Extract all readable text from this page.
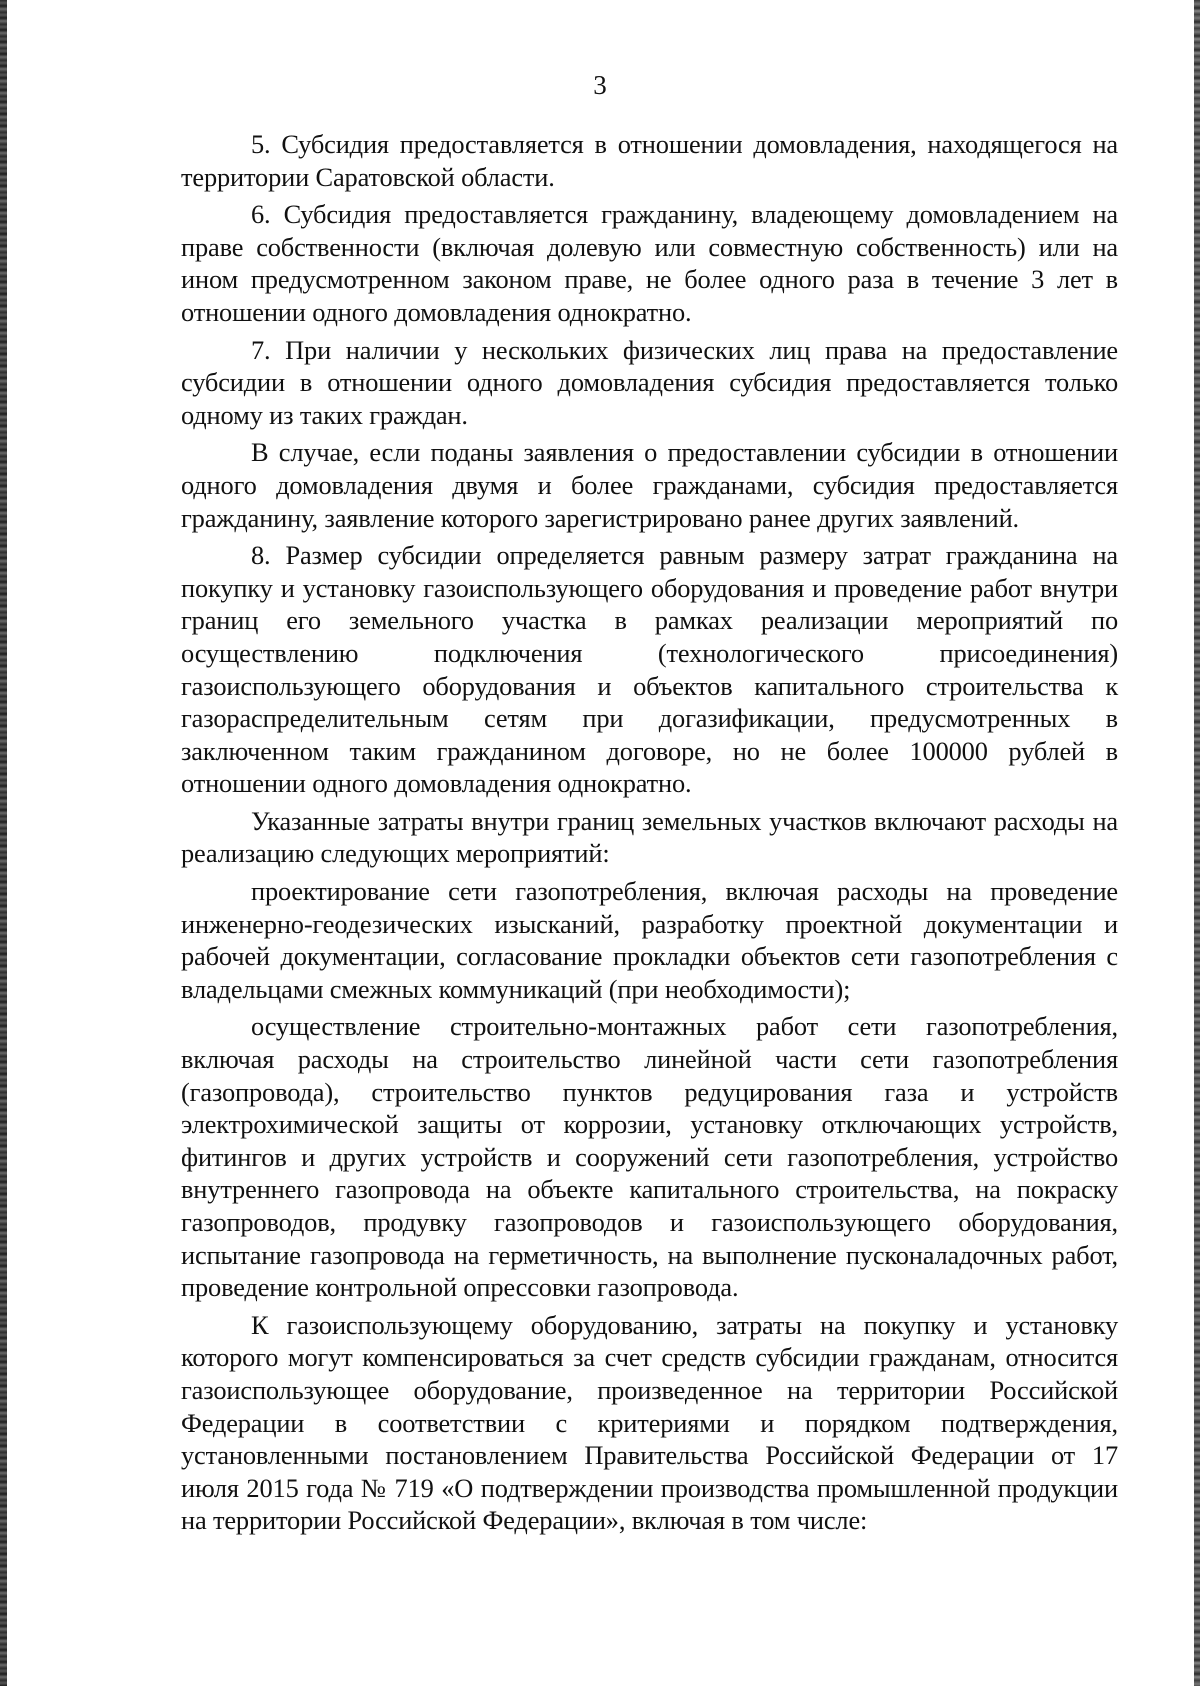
3

5. Субсидия предоставляется в отношении домовладения, находящегося на территории Саратовской области.

6. Субсидия предоставляется гражданину, владеющему домовладением на праве собственности (включая долевую или совместную собственность) или на ином предусмотренном законом праве, не более одного раза в течение 3 лет в отношении одного домовладения однократно.

7. При наличии у нескольких физических лиц права на предоставление субсидии в отношении одного домовладения субсидия предоставляется только одному из таких граждан.

В случае, если поданы заявления о предоставлении субсидии в отношении одного домовладения двумя и более гражданами, субсидия предоставляется гражданину, заявление которого зарегистрировано ранее других заявлений.

8. Размер субсидии определяется равным размеру затрат гражданина на покупку и установку газоиспользующего оборудования и проведение работ внутри границ его земельного участка в рамках реализации мероприятий по осуществлению подключения (технологического присоединения) газоиспользующего оборудования и объектов капитального строительства к газораспределительным сетям при догазификации, предусмотренных в заключенном таким гражданином договоре, но не более 100000 рублей в отношении одного домовладения однократно.

Указанные затраты внутри границ земельных участков включают расходы на реализацию следующих мероприятий:

проектирование сети газопотребления, включая расходы на проведение инженерно-геодезических изысканий, разработку проектной документации и рабочей документации, согласование прокладки объектов сети газопотребления с владельцами смежных коммуникаций (при необходимости);

осуществление строительно-монтажных работ сети газопотребления, включая расходы на строительство линейной части сети газопотребления (газопровода), строительство пунктов редуцирования газа и устройств электрохимической защиты от коррозии, установку отключающих устройств, фитингов и других устройств и сооружений сети газопотребления, устройство внутреннего газопровода на объекте капитального строительства, на покраску газопроводов, продувку газопроводов и газоиспользующего оборудования, испытание газопровода на герметичность, на выполнение пусконаладочных работ, проведение контрольной опрессовки газопровода.

К газоиспользующему оборудованию, затраты на покупку и установку которого могут компенсироваться за счет средств субсидии гражданам, относится газоиспользующее оборудование, произведенное на территории Российской Федерации в соответствии с критериями и порядком подтверждения, установленными постановлением Правительства Российской Федерации от 17 июля 2015 года № 719 «О подтверждении производства промышленной продукции на территории Российской Федерации», включая в том числе:
